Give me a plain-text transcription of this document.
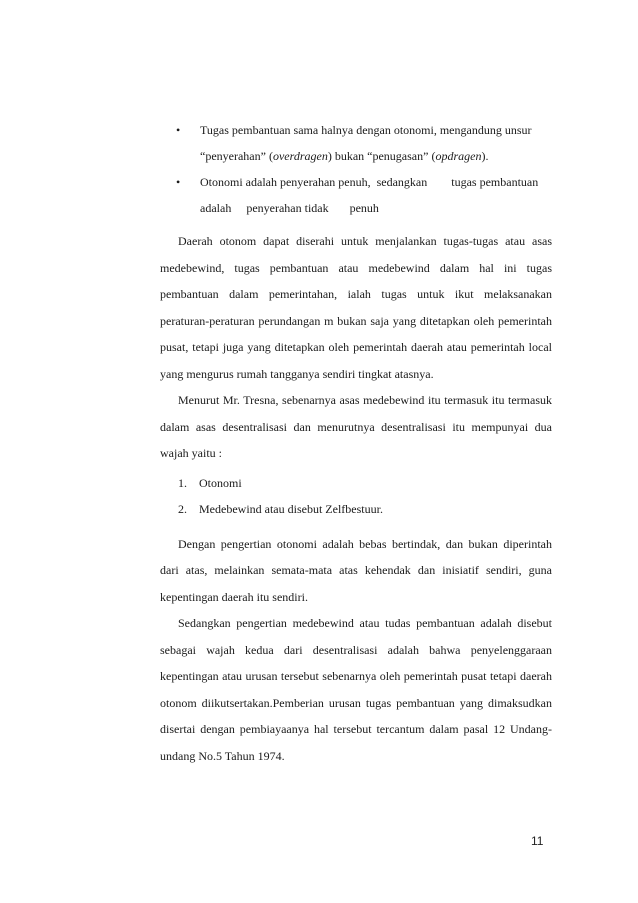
• Tugas pembantuan sama halnya dengan otonomi, mengandung unsur “penyerahan” (overdragen) bukan “penugasan” (opdragen).
• Otonomi adalah penyerahan penuh,  sedangkan        tugas pembantuan adalah     penyerahan tidak       penuh

Daerah otonom dapat diserahi untuk menjalankan tugas-tugas atau asas medebewind, tugas pembantuan atau medebewind dalam hal ini tugas pembantuan dalam pemerintahan, ialah tugas untuk ikut melaksanakan peraturan-peraturan perundangan m bukan saja yang ditetapkan oleh pemerintah pusat, tetapi juga yang ditetapkan oleh pemerintah daerah atau pemerintah local yang mengurus rumah tangganya sendiri tingkat atasnya.

Menurut Mr. Tresna, sebenarnya asas medebewind itu termasuk itu termasuk dalam asas desentralisasi dan menurutnya desentralisasi itu mempunyai dua wajah yaitu :

1. Otonomi
2. Medebewind atau disebut Zelfbestuur.

Dengan pengertian otonomi adalah bebas bertindak, dan bukan diperintah dari atas, melainkan semata-mata atas kehendak dan inisiatif sendiri, guna kepentingan daerah itu sendiri.

Sedangkan pengertian medebewind atau tudas pembantuan adalah disebut sebagai wajah kedua dari desentralisasi adalah bahwa penyelenggaraan kepentingan atau urusan tersebut sebenarnya oleh pemerintah pusat tetapi daerah otonom diikutsertakan.Pemberian urusan tugas pembantuan yang dimaksudkan disertai dengan pembiayaanya hal tersebut tercantum dalam pasal 12 Undang-undang No.5 Tahun 1974.

11
